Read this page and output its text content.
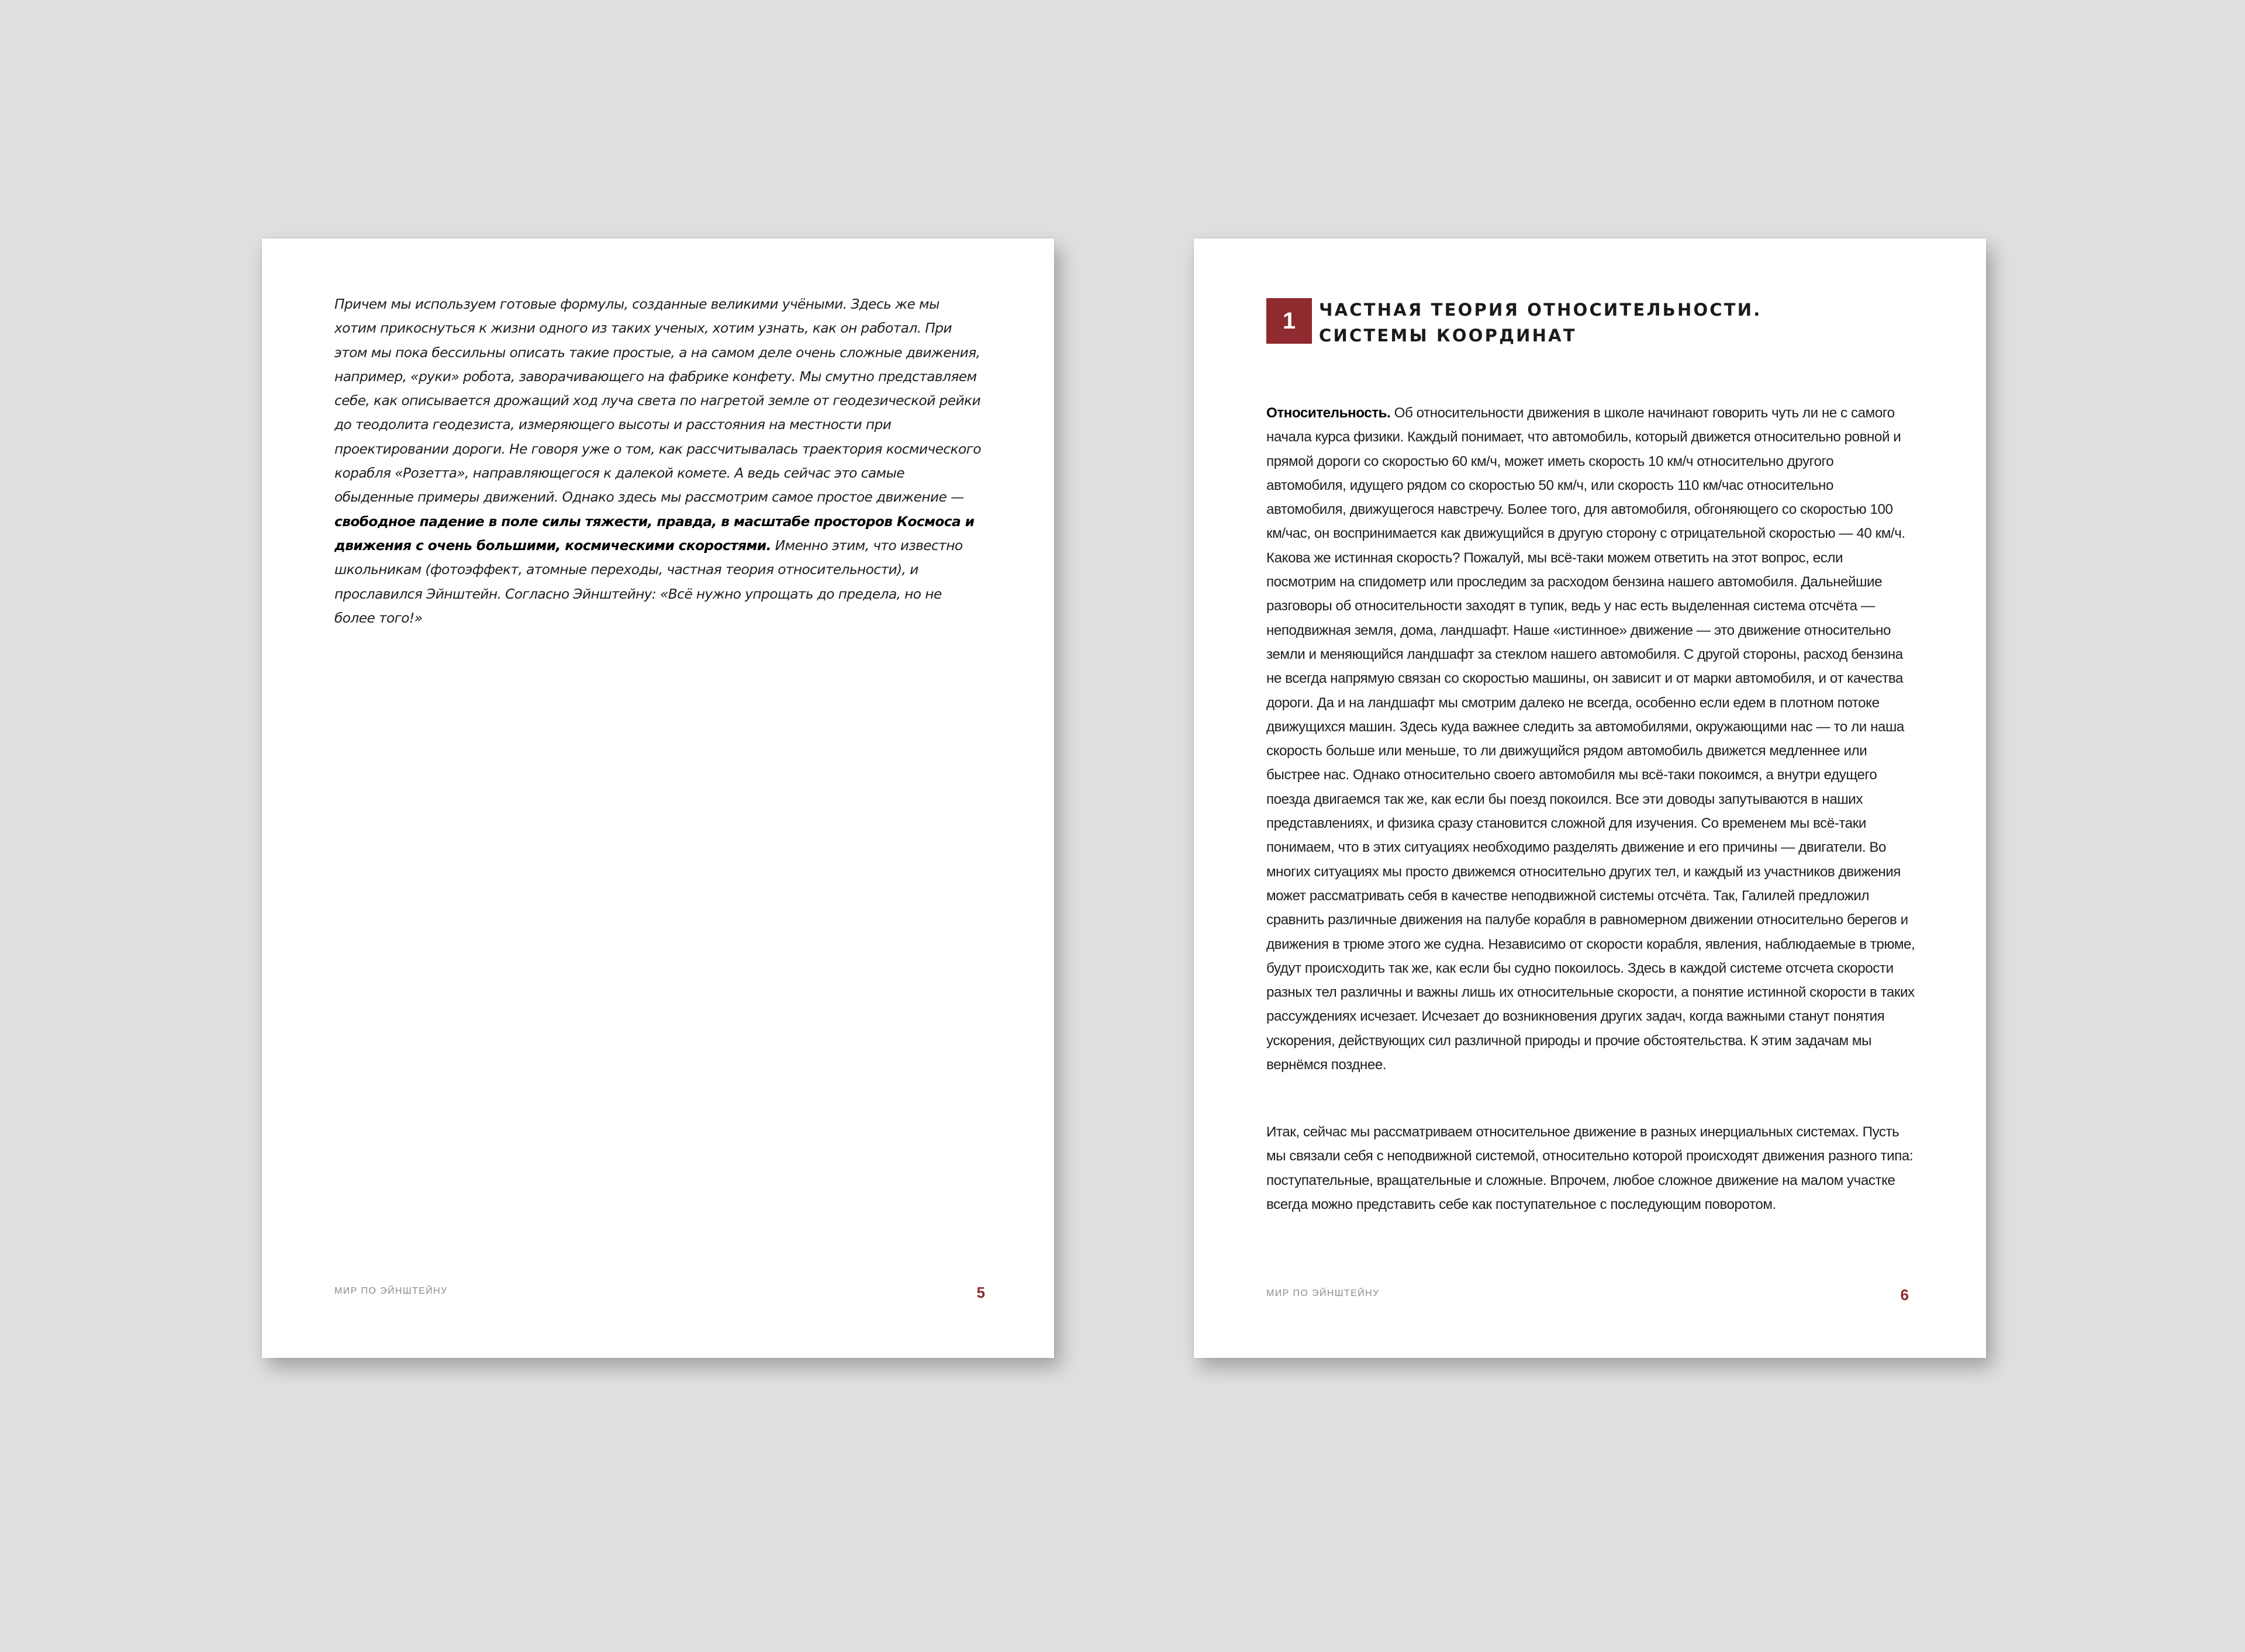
Причем мы используем готовые формулы, созданные великими учёными. Здесь же мы хотим прикоснуться к жизни одного из таких ученых, хотим узнать, как он работал. При этом мы пока бессильны описать такие простые, а на самом деле очень сложные движения, например, «руки» робота, заворачивающего на фабрике конфету. Мы смутно представляем себе, как описывается дрожащий ход луча света по нагретой земле от геодезической рейки до теодолита геодезиста, измеряющего высоты и расстояния на местности при проектировании дороги. Не говоря уже о том, как рассчитывалась траектория космического корабля «Розетта», направляющегося к далекой комете. А ведь сейчас это самые обыденные примеры движений. Однако здесь мы рассмотрим самое простое движение — свободное падение в поле силы тяжести, правда, в масштабе просторов Космоса и движения с очень большими, космическими скоростями. Именно этим, что известно школьникам (фотоэффект, атомные переходы, частная теория относительности), и прославился Эйнштейн. Согласно Эйнштейну: «Всё нужно упрощать до предела, но не более того!»

МИР ПО ЭЙНШТЕЙНУ	5
1	ЧАСТНАЯ ТЕОРИЯ ОТНОСИТЕЛЬНОСТИ.
СИСТЕМЫ КООРДИНАТ

Относительность. Об относительности движения в школе начинают говорить чуть ли не с самого начала курса физики. Каждый понимает, что автомобиль, который движется относительно ровной и прямой дороги со скоростью 60 км/ч, может иметь скорость 10 км/ч относительно другого автомобиля, идущего рядом со скоростью 50 км/ч, или скорость 110 км/час относительно автомобиля, движущегося навстречу. Более того, для автомобиля, обгоняющего со скоростью 100 км/час, он воспринимается как движущийся в другую сторону с отрицательной скоростью — 40 км/ч. Какова же истинная скорость? Пожалуй, мы всё-таки можем ответить на этот вопрос, если посмотрим на спидометр или проследим за расходом бензина нашего автомобиля. Дальнейшие разговоры об относительности заходят в тупик, ведь у нас есть выделенная система отсчёта — неподвижная земля, дома, ландшафт. Наше «истинное» движение — это движение относительно земли и меняющийся ландшафт за стеклом нашего автомобиля. С другой стороны, расход бензина не всегда напрямую связан со скоростью машины, он зависит и от марки автомобиля, и от качества дороги. Да и на ландшафт мы смотрим далеко не всегда, особенно если едем в плотном потоке движущихся машин. Здесь куда важнее следить за автомобилями, окружающими нас — то ли наша скорость больше или меньше, то ли движущийся рядом автомобиль движется медленнее или быстрее нас. Однако относительно своего автомобиля мы всё-таки покоимся, а внутри едущего поезда двигаемся так же, как если бы поезд покоился. Все эти доводы запутываются в наших представлениях, и физика сразу становится сложной для изучения. Со временем мы всё-таки понимаем, что в этих ситуациях необходимо разделять движение и его причины — двигатели. Во многих ситуациях мы просто движемся относительно других тел, и каждый из участников движения может рассматривать себя в качестве неподвижной системы отсчёта. Так, Галилей предложил сравнить различные движения на палубе корабля в равномерном движении относительно берегов и движения в трюме этого же судна. Независимо от скорости корабля, явления, наблюдаемые в трюме, будут происходить так же, как если бы судно покоилось. Здесь в каждой системе отсчета скорости разных тел различны и важны лишь их относительные скорости, а понятие истинной скорости в таких рассуждениях исчезает. Исчезает до возникновения других задач, когда важными станут понятия ускорения, действующих сил различной природы и прочие обстоятельства. К этим задачам мы вернёмся позднее.

Итак, сейчас мы рассматриваем относительное движение в разных инерциальных системах. Пусть мы связали себя с неподвижной системой, относительно которой происходят движения разного типа: поступательные, вращательные и сложные. Впрочем, любое сложное движение на малом участке всегда можно представить себе как поступательное с последующим поворотом.

МИР ПО ЭЙНШТЕЙНУ	6
